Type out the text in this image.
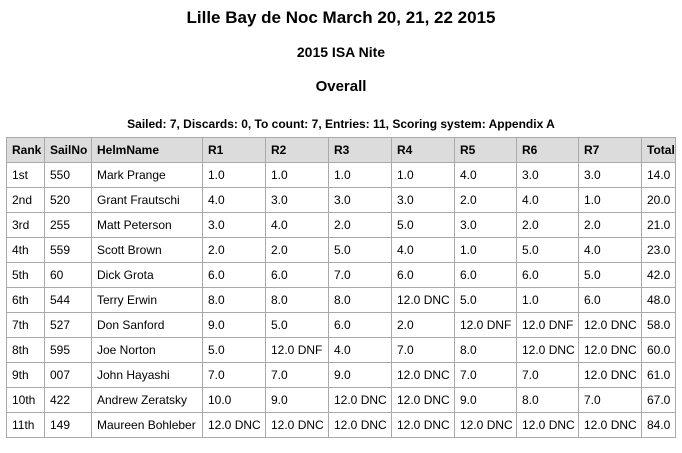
Lille Bay de Noc March 20, 21, 22 2015
2015 ISA Nite
Overall
Sailed: 7, Discards: 0, To count: 7, Entries: 11, Scoring system: Appendix A
Rank	SailNo	HelmName	R1	R2	R3	R4	R5	R6	R7	Total
1st	550	Mark Prange	1.0	1.0	1.0	1.0	4.0	3.0	3.0	14.0
2nd	520	Grant Frautschi	4.0	3.0	3.0	3.0	2.0	4.0	1.0	20.0
3rd	255	Matt Peterson	3.0	4.0	2.0	5.0	3.0	2.0	2.0	21.0
4th	559	Scott Brown	2.0	2.0	5.0	4.0	1.0	5.0	4.0	23.0
5th	60	Dick Grota	6.0	6.0	7.0	6.0	6.0	6.0	5.0	42.0
6th	544	Terry Erwin	8.0	8.0	8.0	12.0 DNC	5.0	1.0	6.0	48.0
7th	527	Don Sanford	9.0	5.0	6.0	2.0	12.0 DNF	12.0 DNF	12.0 DNC	58.0
8th	595	Joe Norton	5.0	12.0 DNF	4.0	7.0	8.0	12.0 DNC	12.0 DNC	60.0
9th	007	John Hayashi	7.0	7.0	9.0	12.0 DNC	7.0	7.0	12.0 DNC	61.0
10th	422	Andrew Zeratsky	10.0	9.0	12.0 DNC	12.0 DNC	9.0	8.0	7.0	67.0
11th	149	Maureen Bohleber	12.0 DNC	12.0 DNC	12.0 DNC	12.0 DNC	12.0 DNC	12.0 DNC	12.0 DNC	84.0
